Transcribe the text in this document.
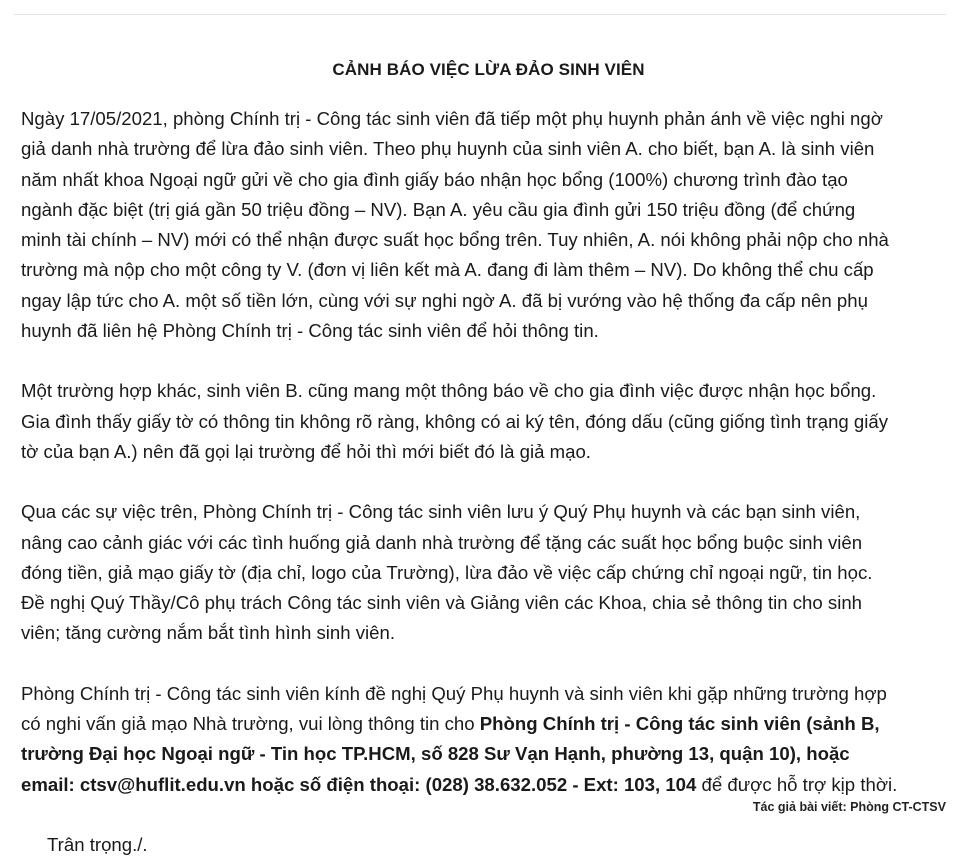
CẢNH BÁO VIỆC LỪA ĐẢO SINH VIÊN
Ngày 17/05/2021, phòng Chính trị - Công tác sinh viên đã tiếp một phụ huynh phản ánh về việc nghi ngờ
giả danh nhà trường để lừa đảo sinh viên. Theo phụ huynh của sinh viên A. cho biết, bạn A. là sinh viên
năm nhất khoa Ngoại ngữ gửi về cho gia đình giấy báo nhận học bổng (100%) chương trình đào tạo
ngành đặc biệt (trị giá gần 50 triệu đồng – NV). Bạn A. yêu cầu gia đình gửi 150 triệu đồng (để chứng
minh tài chính – NV) mới có thể nhận được suất học bổng trên. Tuy nhiên, A. nói không phải nộp cho nhà
trường mà nộp cho một công ty V. (đơn vị liên kết mà A. đang đi làm thêm – NV). Do không thể chu cấp
ngay lập tức cho A. một số tiền lớn, cùng với sự nghi ngờ A. đã bị vướng vào hệ thống đa cấp nên phụ
huynh đã liên hệ Phòng Chính trị - Công tác sinh viên để hỏi thông tin.
Một trường hợp khác, sinh viên B. cũng mang một thông báo về cho gia đình việc được nhận học bổng.
Gia đình thấy giấy tờ có thông tin không rõ ràng, không có ai ký tên, đóng dấu (cũng giống tình trạng giấy
tờ của bạn A.) nên đã gọi lại trường để hỏi thì mới biết đó là giả mạo.
Qua các sự việc trên, Phòng Chính trị - Công tác sinh viên lưu ý Quý Phụ huynh và các bạn sinh viên,
nâng cao cảnh giác với các tình huống giả danh nhà trường để tặng các suất học bổng buộc sinh viên
đóng tiền, giả mạo giấy tờ (địa chỉ, logo của Trường), lừa đảo về việc cấp chứng chỉ ngoại ngữ, tin học.
Đề nghị Quý Thầy/Cô phụ trách Công tác sinh viên và Giảng viên các Khoa, chia sẻ thông tin cho sinh
viên; tăng cường nắm bắt tình hình sinh viên.
Phòng Chính trị - Công tác sinh viên kính đề nghị Quý Phụ huynh và sinh viên khi gặp những trường hợp
có nghi vấn giả mạo Nhà trường, vui lòng thông tin cho Phòng Chính trị - Công tác sinh viên (sảnh B,
trường Đại học Ngoại ngữ - Tin học TP.HCM, số 828 Sư Vạn Hạnh, phường 13, quận 10), hoặc
email: ctsv@huflit.edu.vn hoặc số điện thoại: (028) 38.632.052 - Ext: 103, 104 để được hỗ trợ kịp thời.
Trân trọng./.
Tác giả bài viết: Phòng CT-CTSV
